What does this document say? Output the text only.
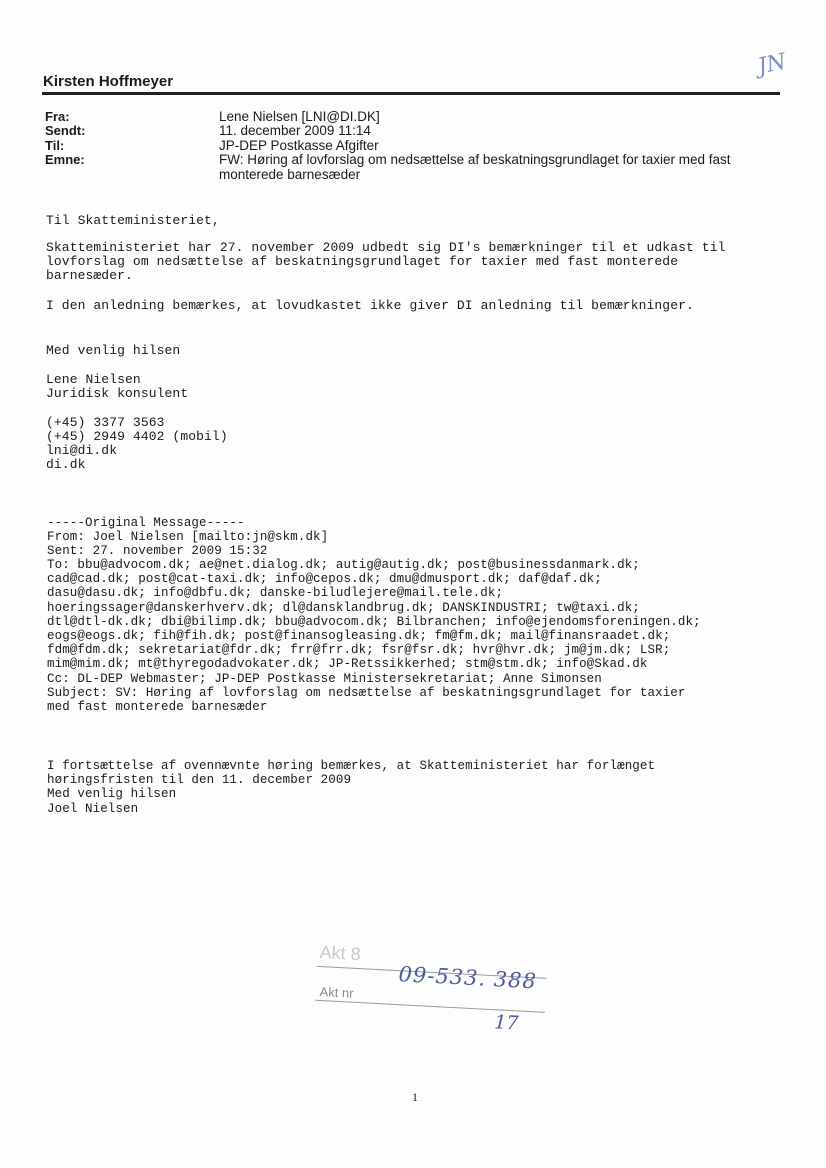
JN
Kirsten Hoffmeyer
Fra:	Lene Nielsen [LNI@DI.DK]
Sendt:	11. december 2009 11:14
Til:	JP-DEP Postkasse Afgifter
Emne:	FW: Høring af lovforslag om nedsættelse af beskatningsgrundlaget for taxier med fast monterede barnesæder
Til Skatteministeriet,
Skatteministeriet har 27. november 2009 udbedt sig DI's bemærkninger til et udkast til
lovforslag om nedsættelse af beskatningsgrundlaget for taxier med fast monterede
barnesæder.
I den anledning bemærkes, at lovudkastet ikke giver DI anledning til bemærkninger.
Med venlig hilsen
Lene Nielsen
Juridisk konsulent
(+45) 3377 3563
(+45) 2949 4402 (mobil)
lni@di.dk
di.dk
-----Original Message-----
From: Joel Nielsen [mailto:jn@skm.dk]
Sent: 27. november 2009 15:32
To: bbu@advocom.dk; ae@net.dialog.dk; autig@autig.dk; post@businessdanmark.dk;
cad@cad.dk; post@cat-taxi.dk; info@cepos.dk; dmu@dmusport.dk; daf@daf.dk;
dasu@dasu.dk; info@dbfu.dk; danske-biludlejere@mail.tele.dk;
hoeringssager@danskerhverv.dk; dl@dansklandbrug.dk; DANSKINDUSTRI; tw@taxi.dk;
dtl@dtl-dk.dk; dbi@bilimp.dk; bbu@advocom.dk; Bilbranchen; info@ejendomsforeningen.dk;
eogs@eogs.dk; fih@fih.dk; post@finansogleasing.dk; fm@fm.dk; mail@finansraadet.dk;
fdm@fdm.dk; sekretariat@fdr.dk; frr@frr.dk; fsr@fsr.dk; hvr@hvr.dk; jm@jm.dk; LSR;
mim@mim.dk; mt@thyregodadvokater.dk; JP-Retssikkerhed; stm@stm.dk; info@Skad.dk
Cc: DL-DEP Webmaster; JP-DEP Postkasse Ministersekretariat; Anne Simonsen
Subject: SV: Høring af lovforslag om nedsættelse af beskatningsgrundlaget for taxier
med fast monterede barnesæder
I fortsættelse af ovennævnte høring bemærkes, at Skatteministeriet har forlænget
høringsfristen til den 11. december 2009
Med venlig hilsen
Joel Nielsen
Akt 8
Akt nr 09-533. 388
17
1
